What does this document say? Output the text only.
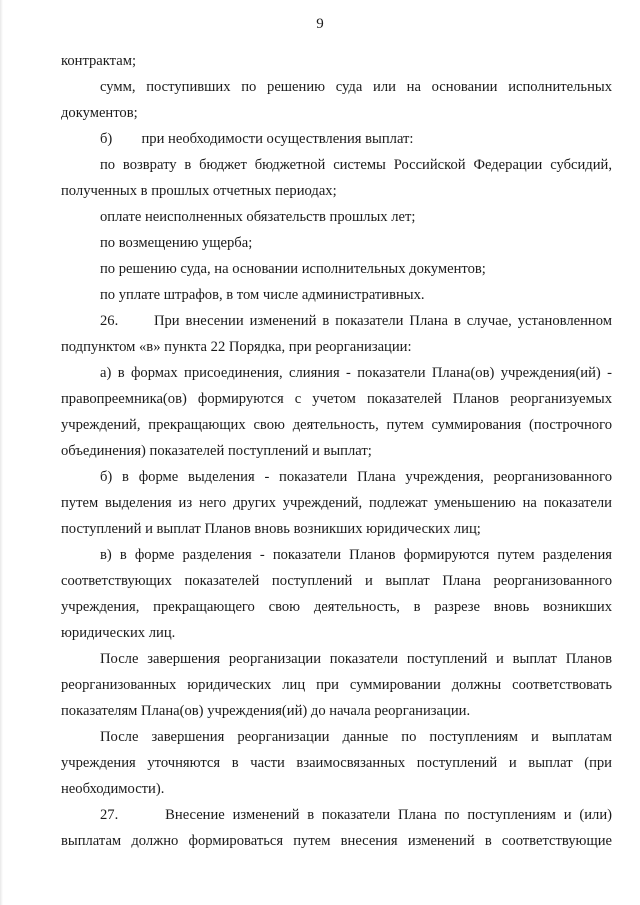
9
контрактам;
сумм, поступивших по решению суда или на основании исполнительных
документов;
б)        при необходимости осуществления выплат:
по возврату в бюджет бюджетной системы Российской Федерации субсидий,
полученных в прошлых отчетных периодах;
оплате неисполненных обязательств прошлых лет;
по возмещению ущерба;
по решению суда, на основании исполнительных документов;
по уплате штрафов, в том числе административных.
26.      При внесении изменений в показатели Плана в случае, установленном
подпунктом «в» пункта 22 Порядка, при реорганизации:
а) в формах присоединения, слияния - показатели Плана(ов) учреждения(ий) -
правопреемника(ов) формируются с учетом показателей Планов реорганизуемых
учреждений, прекращающих свою деятельность, путем суммирования (построчного
объединения) показателей поступлений и выплат;
б) в форме выделения - показатели Плана учреждения, реорганизованного
путем выделения из него других учреждений, подлежат уменьшению на показатели
поступлений и выплат Планов вновь возникших юридических лиц;
в) в форме разделения - показатели Планов формируются путем разделения
соответствующих показателей поступлений и выплат Плана реорганизованного
учреждения, прекращающего свою деятельность, в разрезе вновь возникших
юридических лиц.
После завершения реорганизации показатели поступлений и выплат Планов
реорганизованных юридических лиц при суммировании должны соответствовать
показателям Плана(ов) учреждения(ий) до начала реорганизации.
После завершения реорганизации данные по поступлениям и выплатам
учреждения уточняются в части взаимосвязанных поступлений и выплат (при
необходимости).
27.      Внесение изменений в показатели Плана по поступлениям и (или)
выплатам должно формироваться путем внесения изменений в соответствующие
